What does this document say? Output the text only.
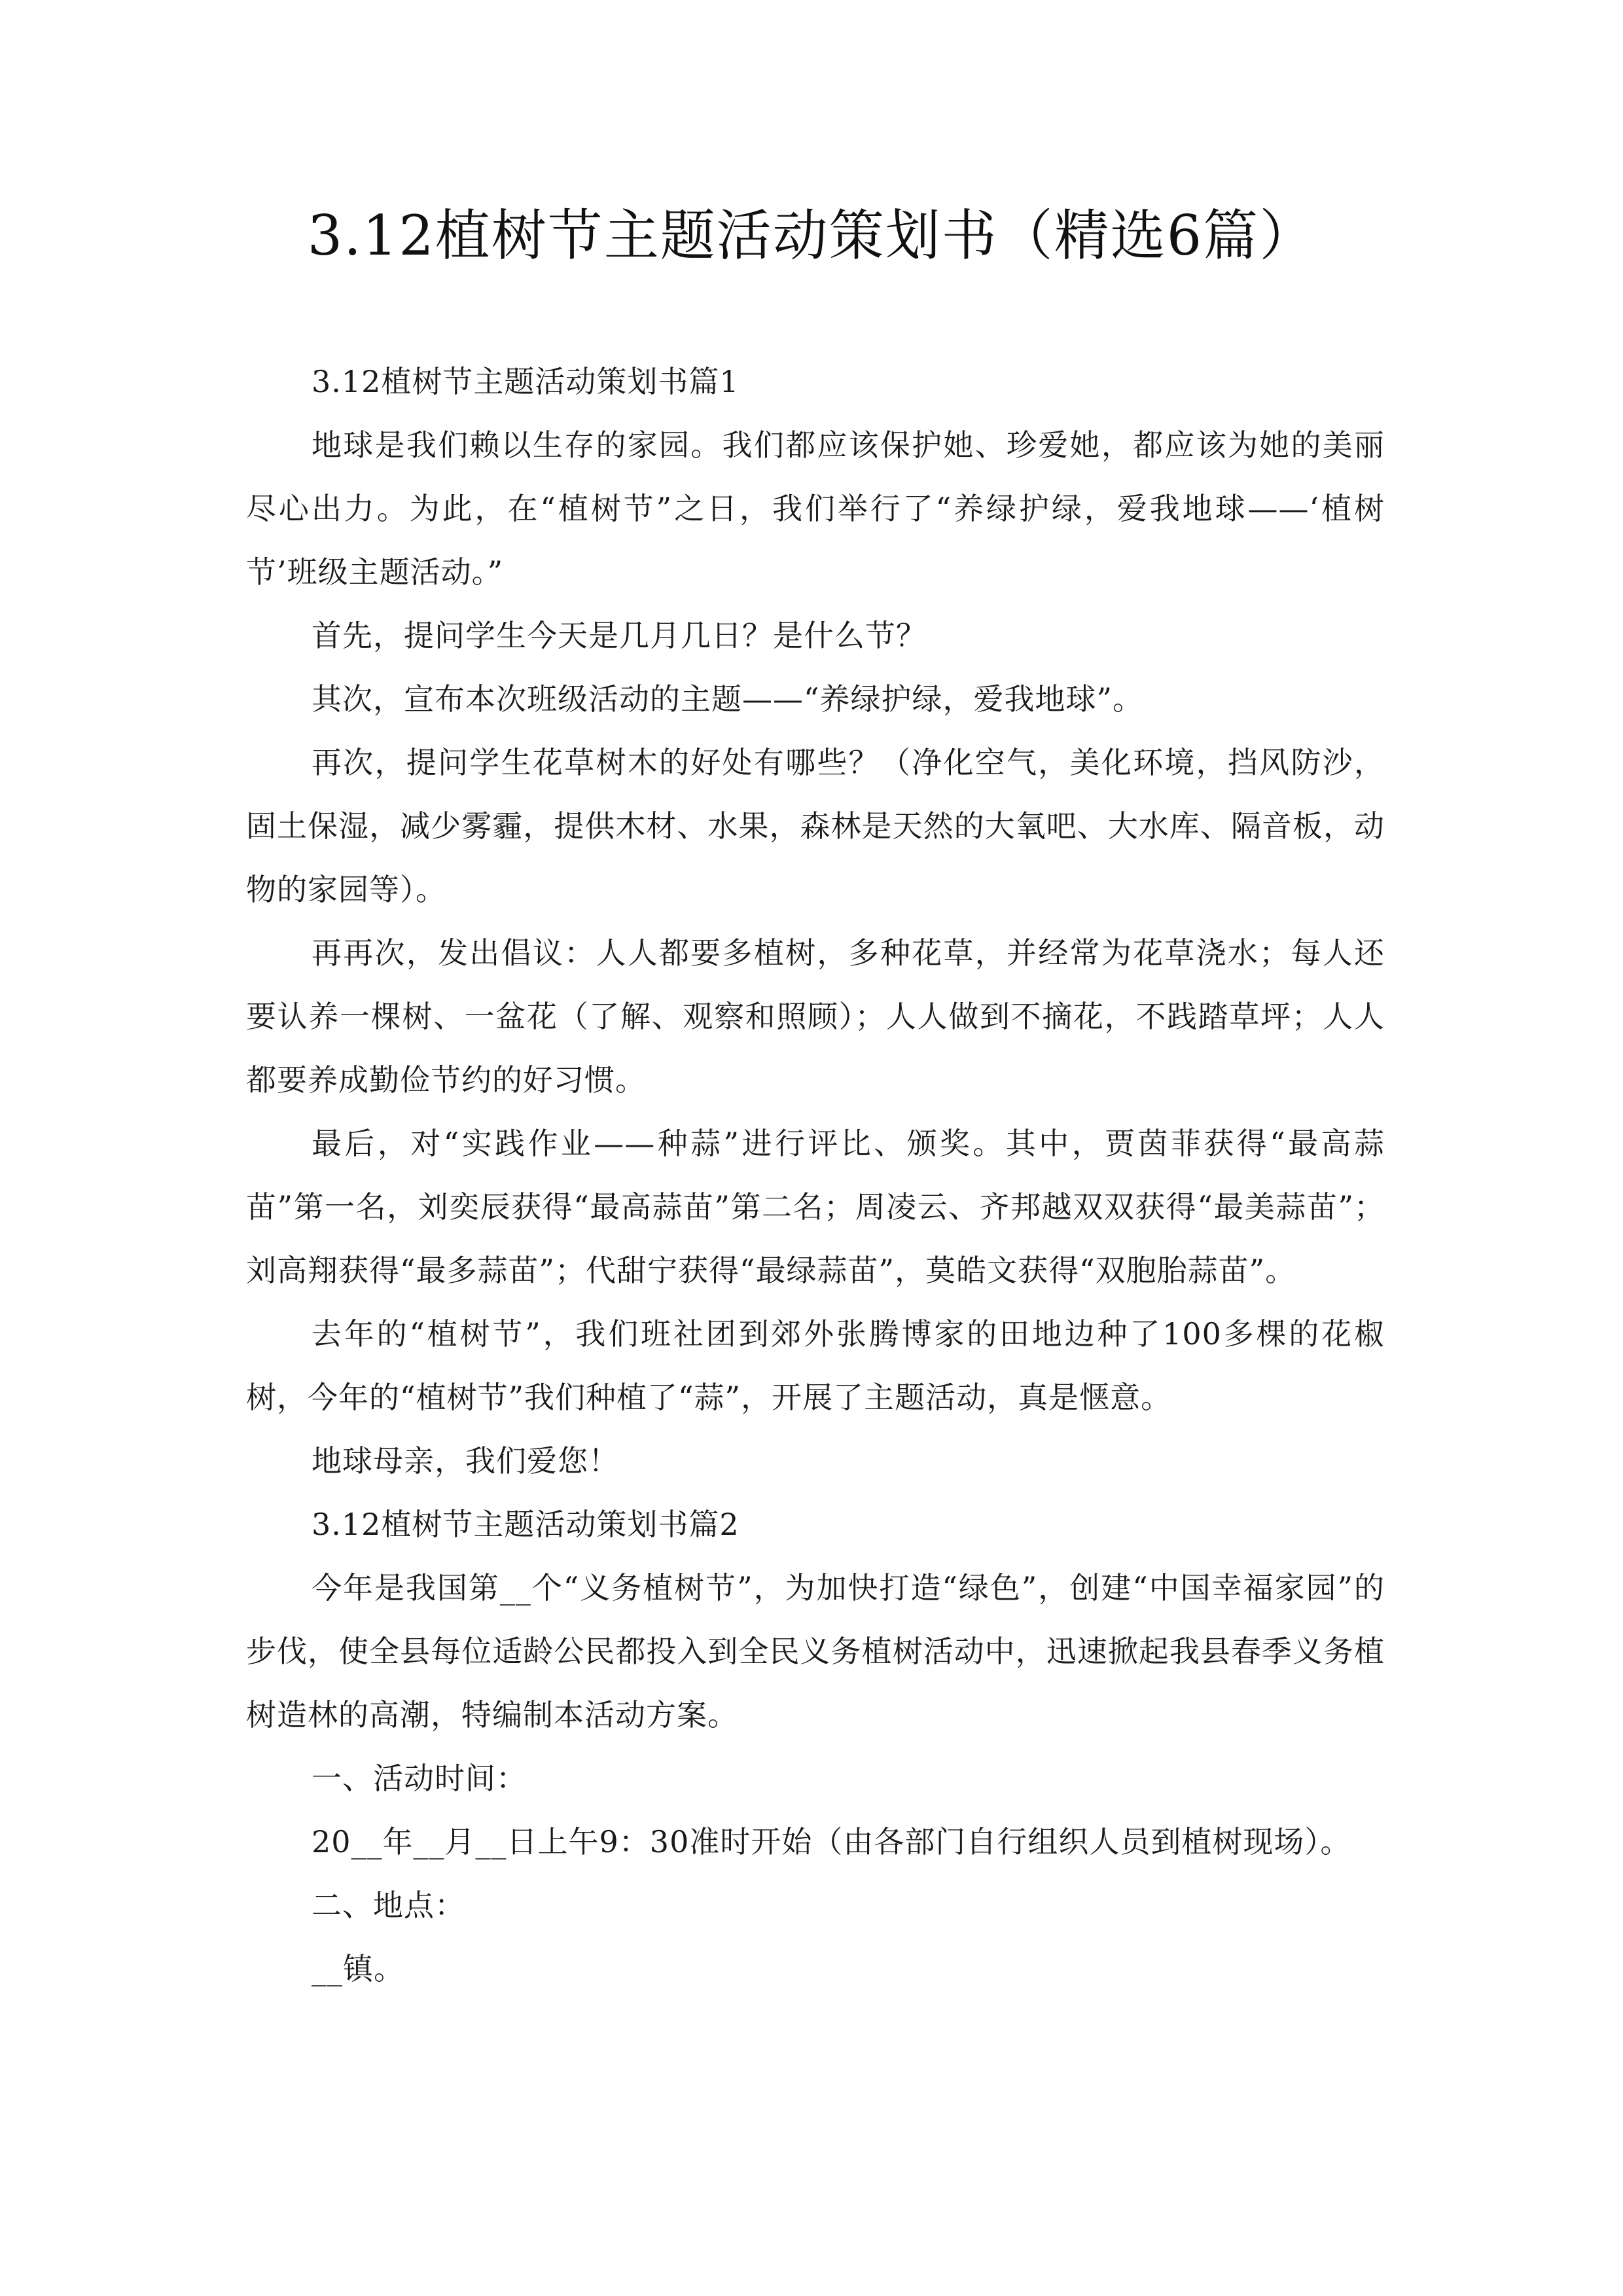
3.12植树节主题活动策划书（精选6篇）

3.12植树节主题活动策划书篇1

地球是我们赖以生存的家园。我们都应该保护她、珍爱她，都应该为她的美丽尽心出力。为此，在“植树节”之日，我们举行了“养绿护绿，爱我地球——‘植树节’班级主题活动。”

首先，提问学生今天是几月几日？是什么节？

其次，宣布本次班级活动的主题——“养绿护绿，爱我地球”。

再次，提问学生花草树木的好处有哪些？（净化空气，美化环境，挡风防沙，固土保湿，减少雾霾，提供木材、水果，森林是天然的大氧吧、大水库、隔音板，动物的家园等）。

再再次，发出倡议：人人都要多植树，多种花草，并经常为花草浇水；每人还要认养一棵树、一盆花（了解、观察和照顾）；人人做到不摘花，不践踏草坪；人人都要养成勤俭节约的好习惯。

最后，对“实践作业——种蒜”进行评比、颁奖。其中，贾茵菲获得“最高蒜苗”第一名，刘奕辰获得“最高蒜苗”第二名；周凌云、齐邦越双双获得“最美蒜苗”；刘高翔获得“最多蒜苗”；代甜宁获得“最绿蒜苗”，莫皓文获得“双胞胎蒜苗”。

去年的“植树节”，我们班社团到郊外张腾博家的田地边种了100多棵的花椒树，今年的“植树节”我们种植了“蒜”，开展了主题活动，真是惬意。

地球母亲，我们爱您！

3.12植树节主题活动策划书篇2

今年是我国第__个“义务植树节”，为加快打造“绿色”，创建“中国幸福家园”的步伐，使全县每位适龄公民都投入到全民义务植树活动中，迅速掀起我县春季义务植树造林的高潮，特编制本活动方案。

一、活动时间：

20__年__月__日上午9：30准时开始（由各部门自行组织人员到植树现场）。

二、地点：

__镇。
